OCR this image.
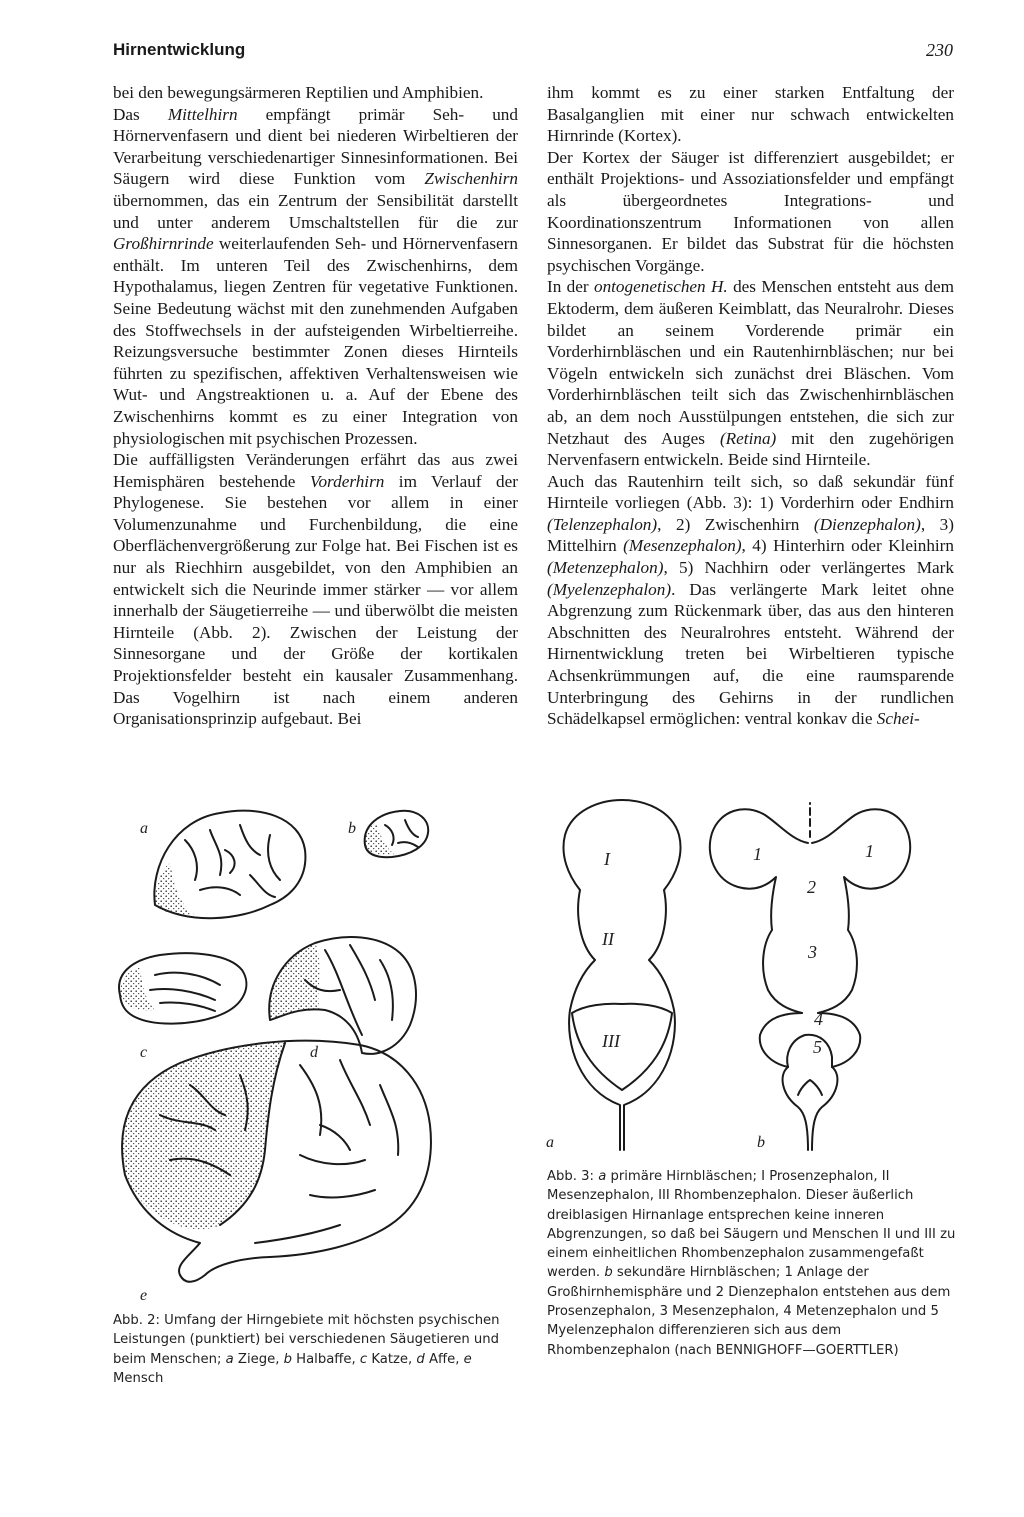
Hirnentwicklung	230

bei den bewegungsärmeren Reptilien und Amphibien.

Das Mittelhirn empfängt primär Seh- und Hörnervenfasern und dient bei niederen Wirbeltieren der Verarbeitung verschiedenartiger Sinnesinformationen. Bei Säugern wird diese Funktion vom Zwischenhirn übernommen, das ein Zentrum der Sensibilität darstellt und unter anderem Umschaltstellen für die zur Großhirnrinde weiterlaufenden Seh- und Hörnervenfasern enthält. Im unteren Teil des Zwischenhirns, dem Hypothalamus, liegen Zentren für vegetative Funktionen. Seine Bedeutung wächst mit den zunehmenden Aufgaben des Stoffwechsels in der aufsteigenden Wirbeltierreihe. Reizungsversuche bestimmter Zonen dieses Hirnteils führten zu spezifischen, affektiven Verhaltensweisen wie Wut- und Angstreaktionen u. a. Auf der Ebene des Zwischenhirns kommt es zu einer Integration von physiologischen mit psychischen Prozessen.

Die auffälligsten Veränderungen erfährt das aus zwei Hemisphären bestehende Vorderhirn im Verlauf der Phylogenese. Sie bestehen vor allem in einer Volumenzunahme und Furchenbildung, die eine Oberflächenvergrößerung zur Folge hat. Bei Fischen ist es nur als Riechhirn ausgebildet, von den Amphibien an entwickelt sich die Neurinde immer stärker — vor allem innerhalb der Säugetierreihe — und überwölbt die meisten Hirnteile (Abb. 2). Zwischen der Leistung der Sinnesorgane und der Größe der kortikalen Projektionsfelder besteht ein kausaler Zusammenhang. Das Vogelhirn ist nach einem anderen Organisationsprinzip aufgebaut. Bei

ihm kommt es zu einer starken Entfaltung der Basalganglien mit einer nur schwach entwickelten Hirnrinde (Kortex).

Der Kortex der Säuger ist differenziert ausgebildet; er enthält Projektions- und Assoziationsfelder und empfängt als übergeordnetes Integrations- und Koordinationszentrum Informationen von allen Sinnesorganen. Er bildet das Substrat für die höchsten psychischen Vorgänge.

In der ontogenetischen H. des Menschen entsteht aus dem Ektoderm, dem äußeren Keimblatt, das Neuralrohr. Dieses bildet an seinem Vorderende primär ein Vorderhirnbläschen und ein Rautenhirnbläschen; nur bei Vögeln entwickeln sich zunächst drei Bläschen. Vom Vorderhirnbläschen teilt sich das Zwischenhirnbläschen ab, an dem noch Ausstülpungen entstehen, die sich zur Netzhaut des Auges (Retina) mit den zugehörigen Nervenfasern entwickeln. Beide sind Hirnteile.

Auch das Rautenhirn teilt sich, so daß sekundär fünf Hirnteile vorliegen (Abb. 3): 1) Vorderhirn oder Endhirn (Telenzephalon), 2) Zwischenhirn (Dienzephalon), 3) Mittelhirn (Mesenzephalon), 4) Hinterhirn oder Kleinhirn (Metenzephalon), 5) Nachhirn oder verlängertes Mark (Myelenzephalon). Das verlängerte Mark leitet ohne Abgrenzung zum Rückenmark über, das aus den hinteren Abschnitten des Neuralrohres entsteht. Während der Hirnentwicklung treten bei Wirbeltieren typische Achsenkrümmungen auf, die eine raumsparende Unterbringung des Gehirns in der rundlichen Schädelkapsel ermöglichen: ventral konkav die Schei-

a	b
c	d
e
I
II
III
1	1
2
3
4
5
a	b
Abb. 2: Umfang der Hirngebiete mit höchsten psychischen Leistungen (punktiert) bei verschiedenen Säugetieren und beim Menschen; a Ziege, b Halbaffe, c Katze, d Affe, e Mensch
Abb. 3: a primäre Hirnbläschen; I Prosenzephalon, II Mesenzephalon, III Rhombenzephalon. Dieser äußerlich dreiblasigen Hirnanlage entsprechen keine inneren Abgrenzungen, so daß bei Säugern und Menschen II und III zu einem einheitlichen Rhombenzephalon zusammengefaßt werden. b sekundäre Hirnbläschen; 1 Anlage der Großhirnhemisphäre und 2 Dienzephalon entstehen aus dem Prosenzephalon, 3 Mesenzephalon, 4 Metenzephalon und 5 Myelenzephalon differenzieren sich aus dem Rhombenzephalon (nach BENNIGHOFF—GOERTTLER)
